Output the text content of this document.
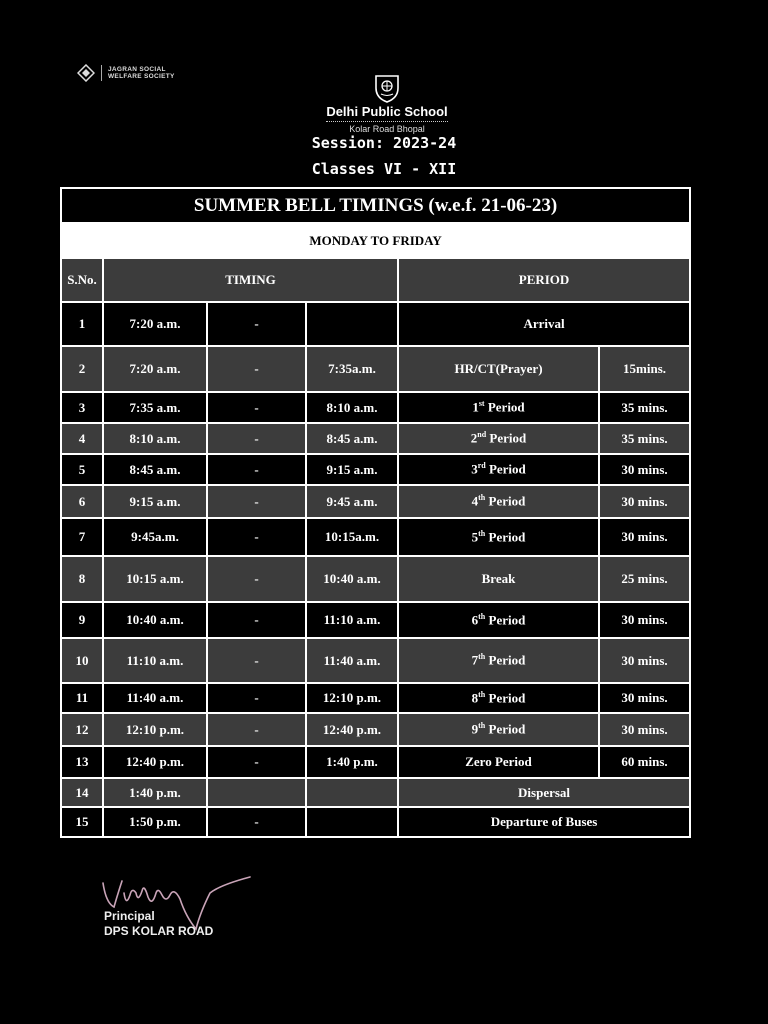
JAGRAN SOCIAL
WELFARE SOCIETY
Delhi Public School
Kolar Road Bhopal
Session: 2023-24
Classes VI - XII
SUMMER BELL TIMINGS (w.e.f. 21-06-23)					
MONDAY TO FRIDAY					
S.No.	TIMING			PERIOD	
1	7:20 a.m.	-		Arrival	
2	7:20 a.m.	-	7:35a.m.	HR/CT(Prayer)	15mins.
3	7:35 a.m.	-	8:10 a.m.	1st Period	35 mins.
4	8:10 a.m.	-	8:45 a.m.	2nd Period	35 mins.
5	8:45 a.m.	-	9:15 a.m.	3rd Period	30 mins.
6	9:15 a.m.	-	9:45 a.m.	4th Period	30 mins.
7	9:45a.m.	-	10:15a.m.	5th Period	30 mins.
8	10:15 a.m.	-	10:40 a.m.	Break	25 mins.
9	10:40 a.m.	-	11:10 a.m.	6th Period	30 mins.
10	11:10 a.m.	-	11:40 a.m.	7th Period	30 mins.
11	11:40 a.m.	-	12:10 p.m.	8th Period	30 mins.
12	12:10 p.m.	-	12:40 p.m.	9th Period	30 mins.
13	12:40 p.m.	-	1:40 p.m.	Zero Period	60 mins.
14	1:40 p.m.			Dispersal	
15	1:50 p.m.	-		Departure of Buses	
Principal
DPS KOLAR ROAD
